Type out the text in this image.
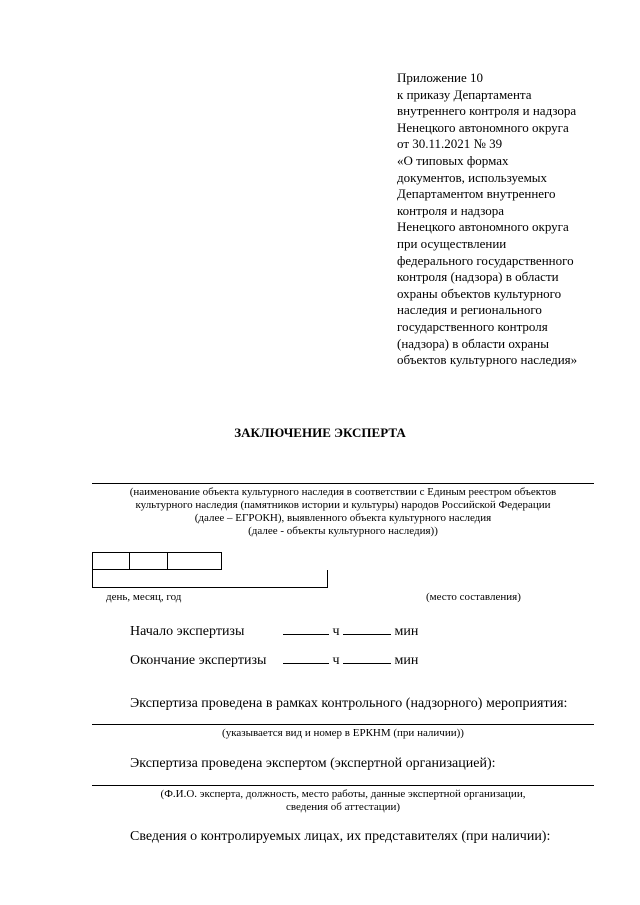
Приложение 10
к приказу Департамента
внутреннего контроля и надзора
Ненецкого автономного округа
от 30.11.2021 № 39
«О типовых формах
документов, используемых
Департаментом внутреннего
контроля и надзора
Ненецкого автономного округа
при осуществлении
федерального государственного
контроля (надзора) в области
охраны объектов культурного
наследия и регионального
государственного контроля
(надзора) в области охраны
объектов культурного наследия»
ЗАКЛЮЧЕНИЕ ЭКСПЕРТА
(наименование объекта культурного наследия в соответствии с Единым реестром объектов
культурного наследия (памятников истории и культуры) народов Российской Федерации
(далее – ЕГРОКН), выявленного объекта культурного наследия
(далее - объекты культурного наследия))
день, месяц, год	(место составления)
Начало экспертизы	ч	мин
Окончание экспертизы	ч	мин
Экспертиза проведена в рамках контрольного (надзорного) мероприятия:
(указывается вид и номер в ЕРКНМ (при наличии))
Экспертиза проведена экспертом (экспертной организацией):
(Ф.И.О. эксперта, должность, место работы, данные экспертной организации,
сведения об аттестации)
Сведения о контролируемых лицах, их представителях (при наличии):
